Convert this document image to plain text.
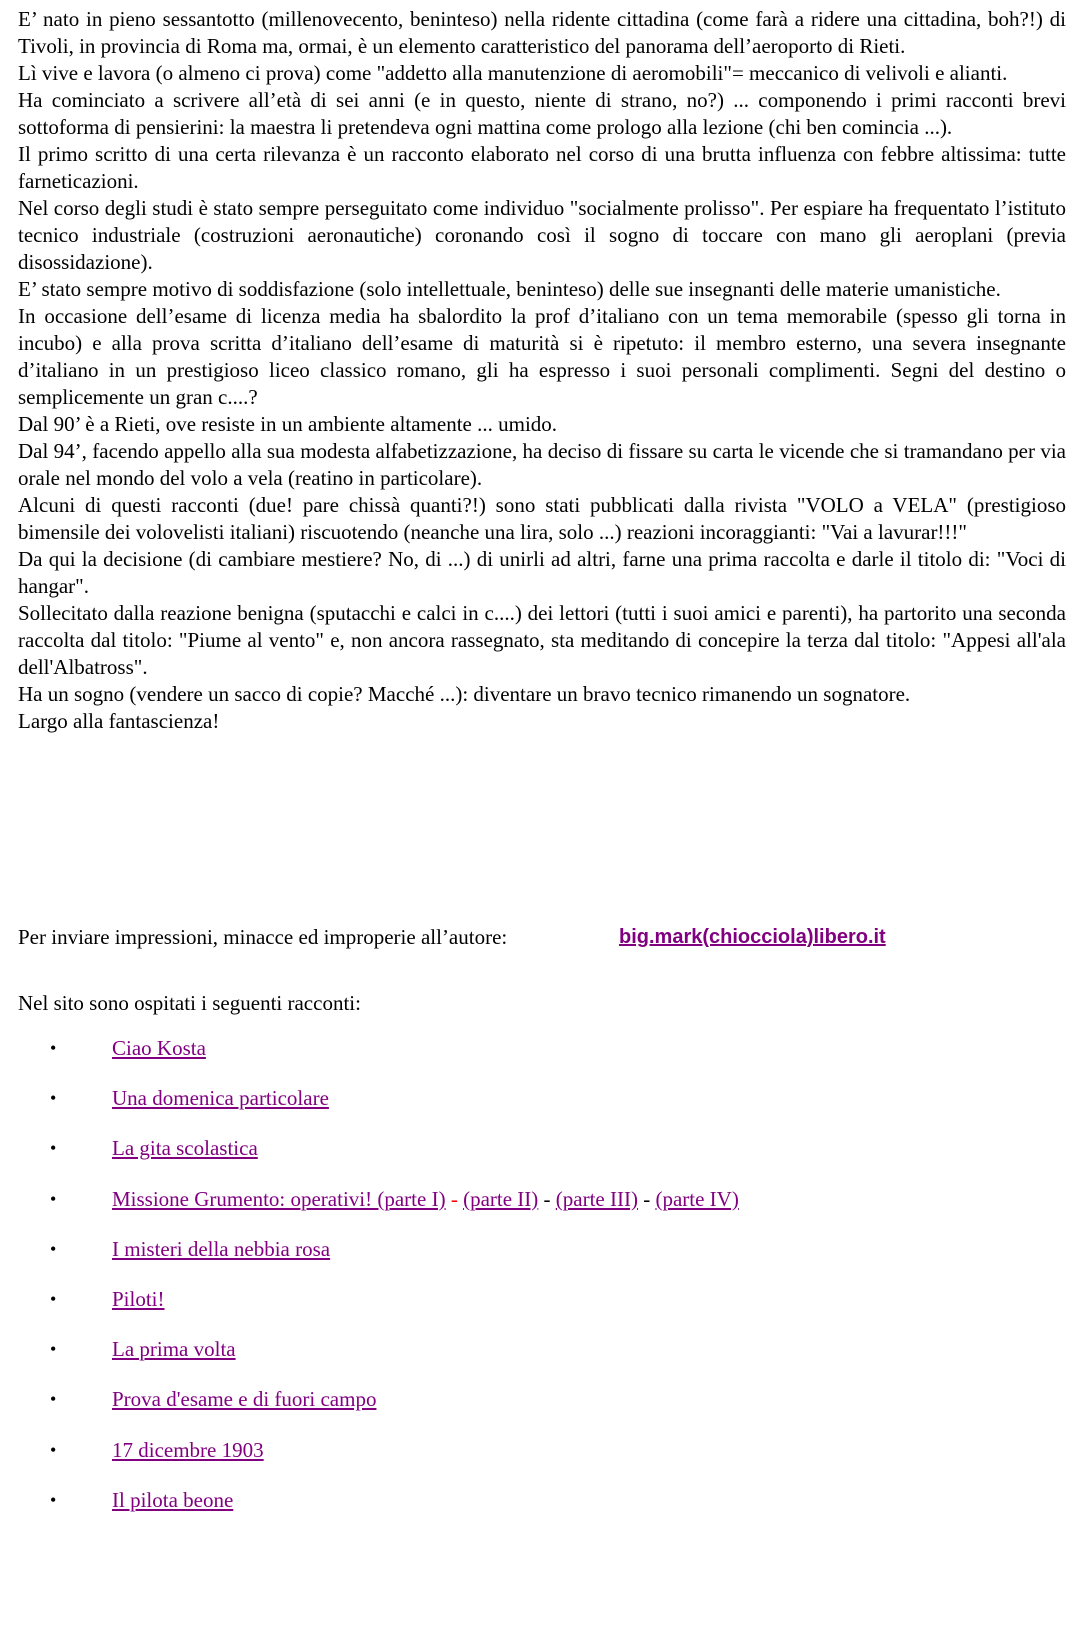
E’ nato in pieno sessantotto (millenovecento, beninteso) nella ridente cittadina (come farà a ridere una cittadina, boh?!) di Tivoli, in provincia di Roma ma, ormai, è un elemento caratteristico del panorama dell’aeroporto di Rieti.

Lì vive e lavora (o almeno ci prova) come "addetto alla manutenzione di aeromobili"= meccanico di velivoli e alianti.

Ha cominciato a scrivere all’età di sei anni (e in questo, niente di strano, no?) ... componendo i primi racconti brevi sottoforma di pensierini: la maestra li pretendeva ogni mattina come prologo alla lezione (chi ben comincia ...).

Il primo scritto di una certa rilevanza è un racconto elaborato nel corso di una brutta influenza con febbre altissima: tutte farneticazioni.

Nel corso degli studi è stato sempre perseguitato come individuo "socialmente prolisso". Per espiare ha frequentato l’istituto tecnico industriale (costruzioni aeronautiche) coronando così il sogno di toccare con mano gli aeroplani (previa disossidazione).

E’ stato sempre motivo di soddisfazione (solo intellettuale, beninteso) delle sue insegnanti delle materie umanistiche.

In occasione dell’esame di licenza media ha sbalordito la prof d’italiano con un tema memorabile (spesso gli torna in incubo) e alla prova scritta d’italiano dell’esame di maturità si è ripetuto: il membro esterno, una severa insegnante d’italiano in un prestigioso liceo classico romano, gli ha espresso i suoi personali complimenti. Segni del destino o semplicemente un gran c....?

Dal 90’ è a Rieti, ove resiste in un ambiente altamente ... umido.

Dal 94’, facendo appello alla sua modesta alfabetizzazione, ha deciso di fissare su carta le vicende che si tramandano per via orale nel mondo del volo a vela (reatino in particolare).

Alcuni di questi racconti (due! pare chissà quanti?!) sono stati pubblicati dalla rivista "VOLO a VELA" (prestigioso bimensile dei volovelisti italiani) riscuotendo (neanche una lira, solo ...) reazioni incoraggianti: "Vai a lavurar!!!"

Da qui la decisione (di cambiare mestiere? No, di ...) di unirli ad altri, farne una prima raccolta e darle il titolo di: "Voci di hangar".

Sollecitato dalla reazione benigna (sputacchi e calci in c....) dei lettori (tutti i suoi amici e parenti), ha partorito una seconda raccolta dal titolo: "Piume al vento" e, non ancora rassegnato, sta meditando di concepire la terza dal titolo: "Appesi all'ala dell'Albatross".

Ha un sogno (vendere un sacco di copie? Macché ...): diventare un bravo tecnico rimanendo un sognatore.

Largo alla fantascienza!

Per inviare impressioni, minacce ed improperie all’autore:	big.mark(chiocciola)libero.it

Nel sito sono ospitati i seguenti racconti:

•	Ciao Kosta
•	Una domenica particolare
•	La gita scolastica
•	Missione Grumento: operativi! (parte I) - (parte II) - (parte III) - (parte IV)
•	I misteri della nebbia rosa
•	Piloti!
•	La prima volta
•	Prova d'esame e di fuori campo
•	17 dicembre 1903
•	Il pilota beone
